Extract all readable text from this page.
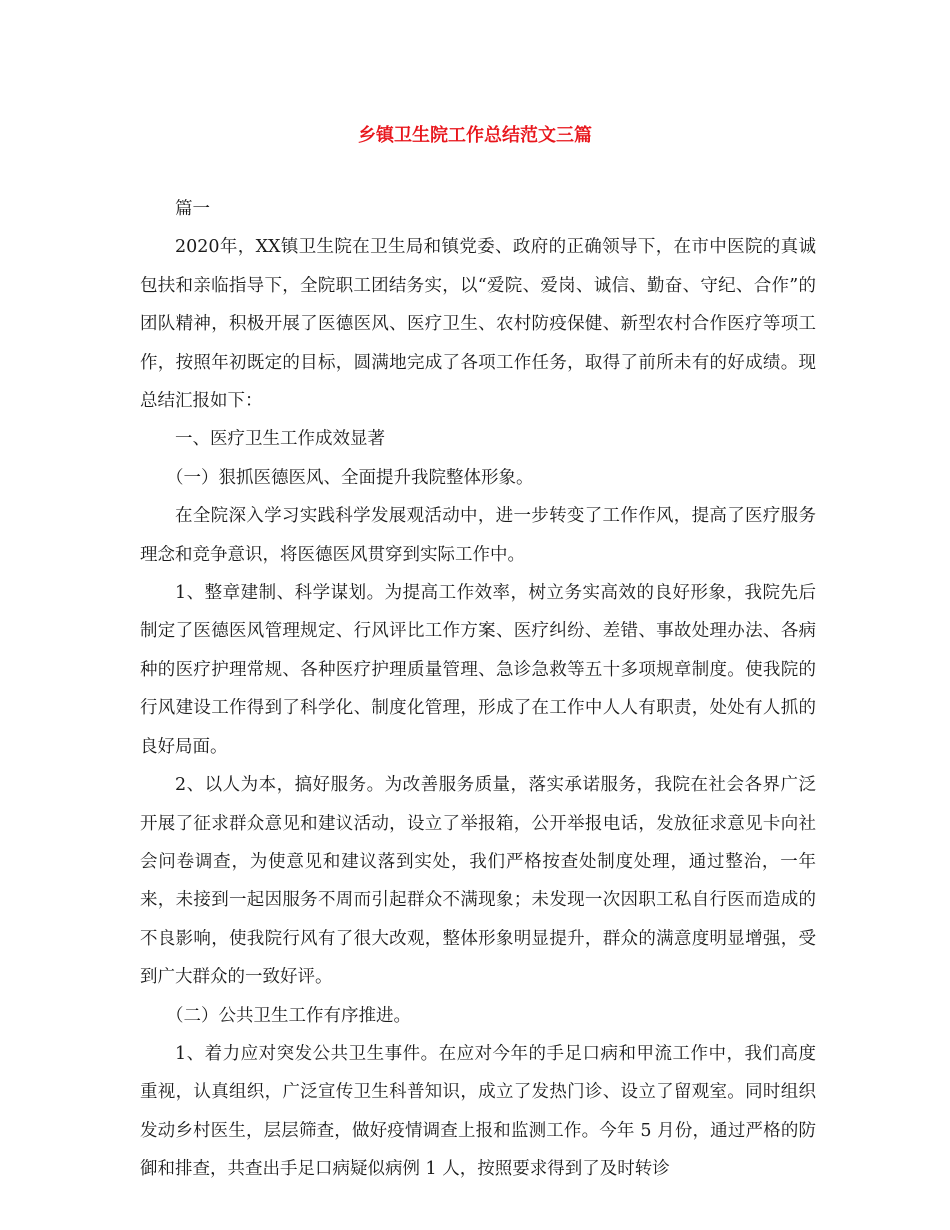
乡镇卫生院工作总结范文三篇

篇一

2020年，XX镇卫生院在卫生局和镇党委、政府的正确领导下，在市中医院的真诚包扶和亲临指导下，全院职工团结务实，以“爱院、爱岗、诚信、勤奋、守纪、合作”的团队精神，积极开展了医德医风、医疗卫生、农村防疫保健、新型农村合作医疗等项工作，按照年初既定的目标，圆满地完成了各项工作任务，取得了前所未有的好成绩。现总结汇报如下：

一、医疗卫生工作成效显著

（一）狠抓医德医风、全面提升我院整体形象。

在全院深入学习实践科学发展观活动中，进一步转变了工作作风，提高了医疗服务理念和竞争意识，将医德医风贯穿到实际工作中。

1、整章建制、科学谋划。为提高工作效率，树立务实高效的良好形象，我院先后制定了医德医风管理规定、行风评比工作方案、医疗纠纷、差错、事故处理办法、各病种的医疗护理常规、各种医疗护理质量管理、急诊急救等五十多项规章制度。使我院的行风建设工作得到了科学化、制度化管理，形成了在工作中人人有职责，处处有人抓的良好局面。

2、以人为本，搞好服务。为改善服务质量，落实承诺服务，我院在社会各界广泛开展了征求群众意见和建议活动，设立了举报箱，公开举报电话，发放征求意见卡向社会问卷调查，为使意见和建议落到实处，我们严格按查处制度处理，通过整治，一年来，未接到一起因服务不周而引起群众不满现象；未发现一次因职工私自行医而造成的不良影响，使我院行风有了很大改观，整体形象明显提升，群众的满意度明显增强，受到广大群众的一致好评。

（二）公共卫生工作有序推进。

1、着力应对突发公共卫生事件。在应对今年的手足口病和甲流工作中，我们高度重视，认真组织，广泛宣传卫生科普知识，成立了发热门诊、设立了留观室。同时组织发动乡村医生，层层筛查，做好疫情调查上报和监测工作。今年 5 月份，通过严格的防御和排查，共查出手足口病疑似病例 1 人，按照要求得到了及时转诊
